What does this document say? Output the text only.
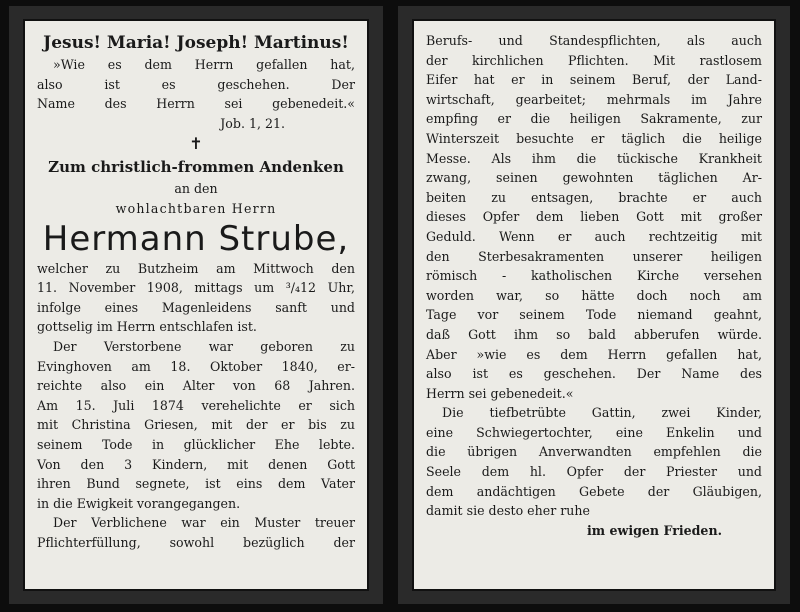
Jesus! Maria! Joseph! Martinus!
»Wie es dem Herrn gefallen hat,
also ist es geschehen. Der
Name des Herrn sei gebenedeit.«
Job. 1, 21.
✝
Zum christlich-frommen Andenken
an den
wohlachtbaren Herrn
Hermann Strube,
welcher zu Butzheim am Mittwoch den
11. November 1908, mittags um ³/₄12 Uhr,
infolge eines Magenleidens sanft und
gottselig im Herrn entschlafen ist.
Der Verstorbene war geboren zu
Evinghoven am 18. Oktober 1840, er-
reichte also ein Alter von 68 Jahren.
Am 15. Juli 1874 verehelichte er sich
mit Christina Griesen, mit der er bis zu
seinem Tode in glücklicher Ehe lebte.
Von den 3 Kindern, mit denen Gott
ihren Bund segnete, ist eins dem Vater
in die Ewigkeit vorangegangen.
Der Verblichene war ein Muster treuer
Pflichterfüllung, sowohl bezüglich der
Berufs- und Standespflichten, als auch
der kirchlichen Pflichten. Mit rastlosem
Eifer hat er in seinem Beruf, der Land-
wirtschaft, gearbeitet; mehrmals im Jahre
empfing er die heiligen Sakramente, zur
Winterszeit besuchte er täglich die heilige
Messe. Als ihm die tückische Krankheit
zwang, seinen gewohnten täglichen Ar-
beiten zu entsagen, brachte er auch
dieses Opfer dem lieben Gott mit großer
Geduld. Wenn er auch rechtzeitig mit
den Sterbesakramenten unserer heiligen
römisch - katholischen Kirche versehen
worden war, so hätte doch noch am
Tage vor seinem Tode niemand geahnt,
daß Gott ihm so bald abberufen würde.
Aber »wie es dem Herrn gefallen hat,
also ist es geschehen. Der Name des
Herrn sei gebenedeit.«
Die tiefbetrübte Gattin, zwei Kinder,
eine Schwiegertochter, eine Enkelin und
die übrigen Anverwandten empfehlen die
Seele dem hl. Opfer der Priester und
dem andächtigen Gebete der Gläubigen,
damit sie desto eher ruhe
im ewigen Frieden.
